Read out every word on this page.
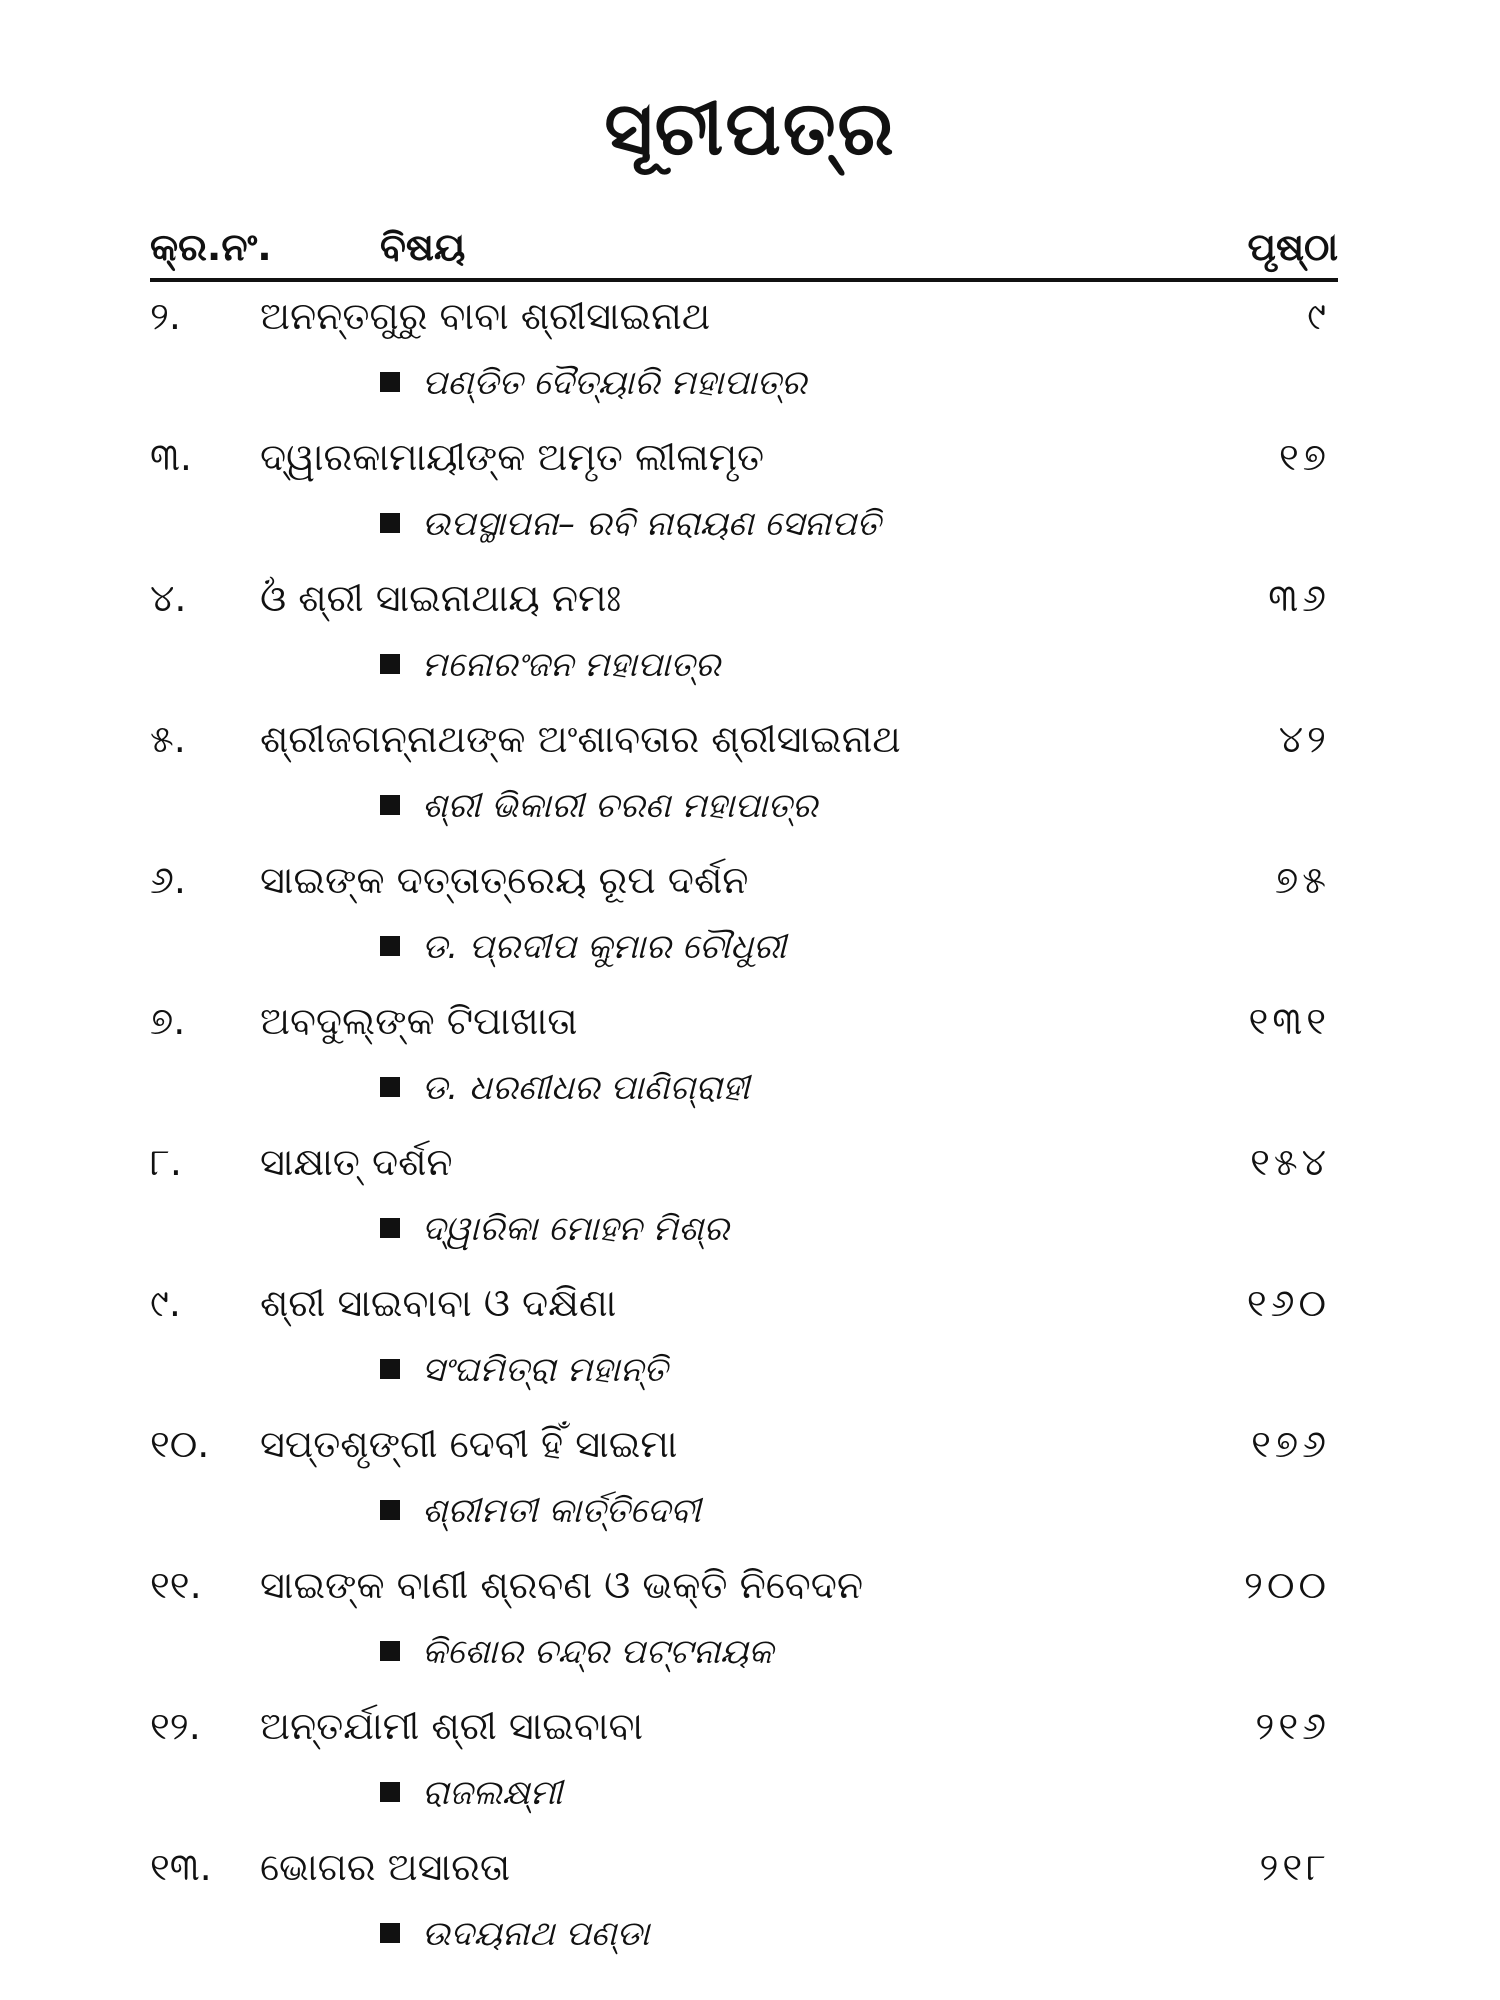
ସୂଚୀପତ୍ର
କ୍ର.ନଂ.	ବିଷୟ	ପୃଷ୍ଠା
୨. ଅନନ୍ତଗୁରୁ ବାବା ଶ୍ରୀସାଇନାଥ	୯
ପଣ୍ଡିତ ଦୈତ୍ୟାରି ମହାପାତ୍ର
୩. ଦ୍ୱାରକାମାୟୀଙ୍କ ଅମୃତ ଲୀଳାମୃତ	୧୭
ଉପସ୍ଥାପନା– ରବି ନାରାୟଣ ସେନାପତି
୪. ଓଁ ଶ୍ରୀ ସାଇନାଥାୟ ନମଃ	୩୬
ମନୋରଂଜନ ମହାପାତ୍ର
୫. ଶ୍ରୀଜଗନ୍ନାଥଙ୍କ ଅଂଶାବତାର ଶ୍ରୀସାଇନାଥ	୪୨
ଶ୍ରୀ ଭିକାରୀ ଚରଣ ମହାପାତ୍ର
୬. ସାଇଙ୍କ ଦତ୍ତାତ୍ରେୟ ରୂପ ଦର୍ଶନ	୭୫
ଡ. ପ୍ରଦୀପ କୁମାର ଚୌଧୁରୀ
୭. ଅବଦୁଲ୍‌ଙ୍କ ଟିପାଖାତା	୧୩୧
ଡ. ଧରଣୀଧର ପାଣିଗ୍ରାହୀ
୮. ସାକ୍ଷାତ୍ ଦର୍ଶନ	୧୫୪
ଦ୍ୱାରିକା ମୋହନ ମିଶ୍ର
୯. ଶ୍ରୀ ସାଇବାବା ଓ ଦକ୍ଷିଣା	୧୬୦
ସଂଘମିତ୍ରା ମହାନ୍ତି
୧୦. ସପ୍ତଶୃଙ୍ଗୀ ଦେବୀ ହିଁ ସାଇମା	୧୭୬
ଶ୍ରୀମତୀ କାର୍ତ୍ତିଦେବୀ
୧୧. ସାଇଙ୍କ ବାଣୀ ଶ୍ରବଣ ଓ ଭକ୍ତି ନିବେଦନ	୨୦୦
କିଶୋର ଚନ୍ଦ୍ର ପଟ୍ଟନାୟକ
୧୨. ଅନ୍ତର୍ଯାମୀ ଶ୍ରୀ ସାଇବାବା	୨୧୬
ରାଜଲକ୍ଷ୍ମୀ
୧୩. ଭୋଗର ଅସାରତା	୨୧୮
ଉଦୟନାଥ ପଣ୍ଡା
